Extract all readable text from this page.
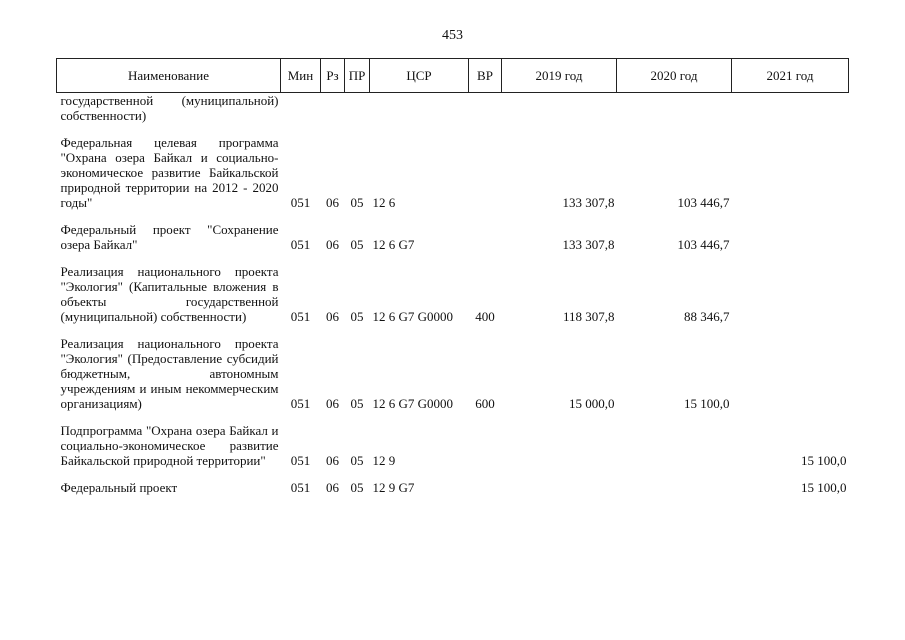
453
Наименование	Мин	Рз	ПР	ЦСР	ВР	2019 год	2020 год	2021 год
государственной (муниципальной) собственности)								
Федеральная целевая программа "Охрана озера Байкал и социально-экономическое развитие Байкальской природной территории на 2012 - 2020 годы"	051	06	05	12 6		133 307,8	103 446,7	
Федеральный проект "Сохранение озера Байкал"	051	06	05	12 6 G7		133 307,8	103 446,7	
Реализация национального проекта "Экология" (Капитальные вложения в объекты государственной (муниципальной) собственности)	051	06	05	12 6 G7 G0000	400	118 307,8	88 346,7	
Реализация национального проекта "Экология" (Предоставление субсидий бюджетным, автономным учреждениям и иным некоммерческим организациям)	051	06	05	12 6 G7 G0000	600	15 000,0	15 100,0	
Подпрограмма "Охрана озера Байкал и социально-экономическое развитие Байкальской природной территории"	051	06	05	12 9				15 100,0
Федеральный проект	051	06	05	12 9 G7				15 100,0
